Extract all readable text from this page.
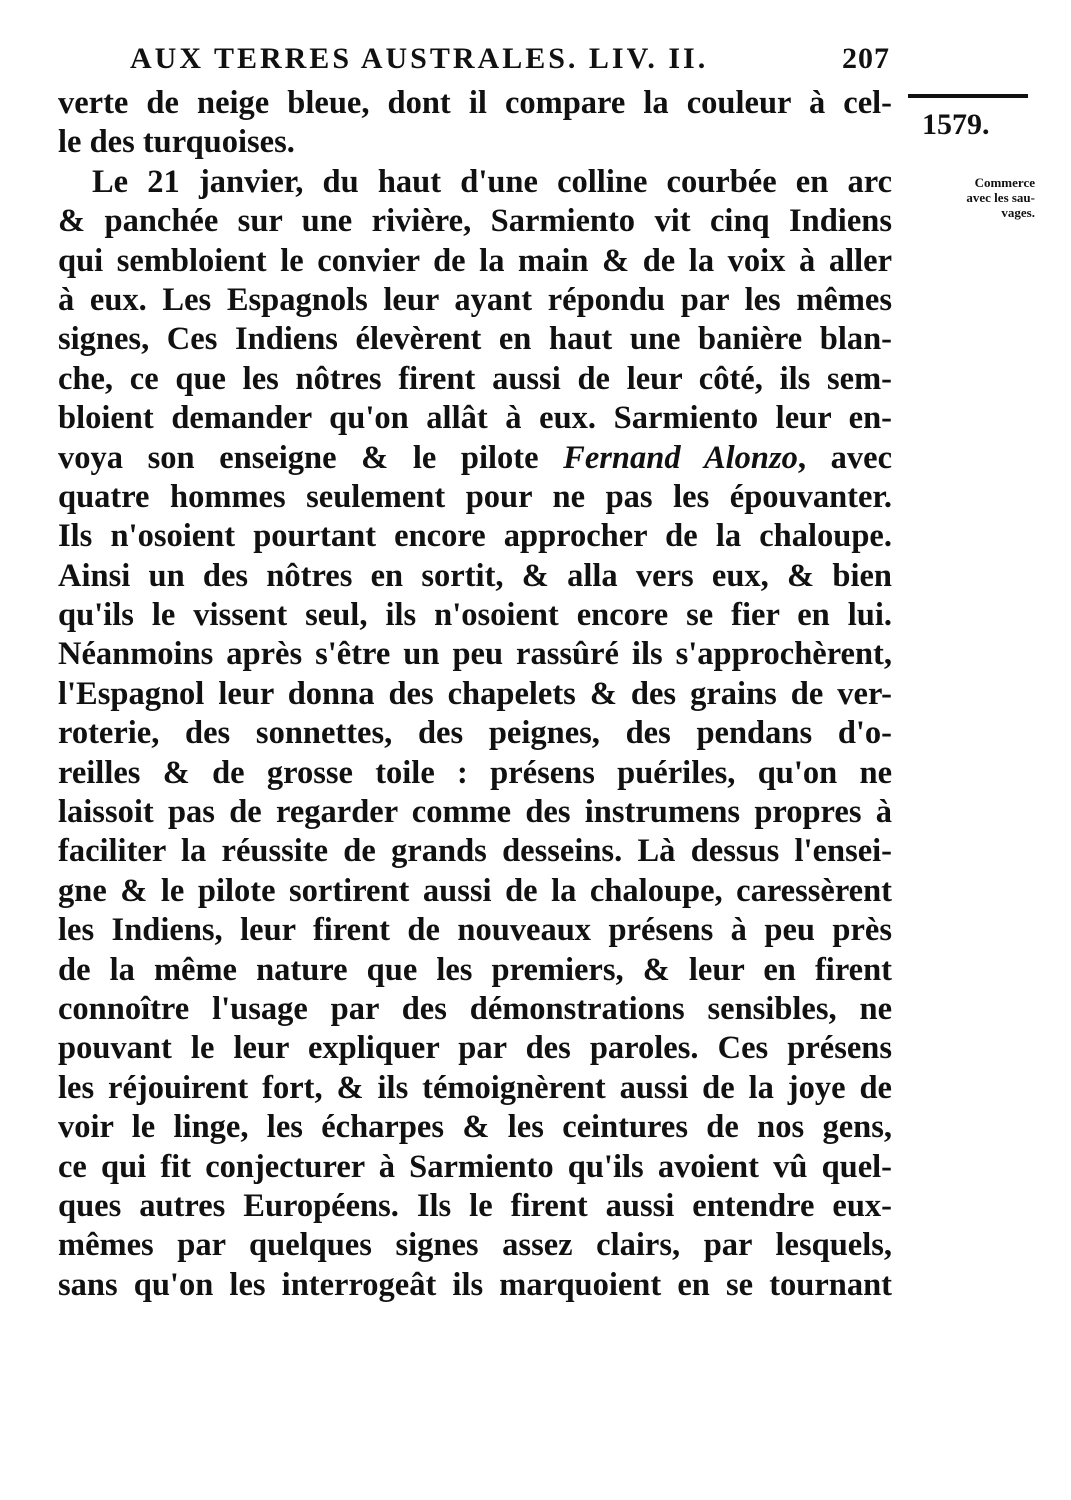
AUX TERRES AUSTRALES. LIV. II.	207
1579.
Commerce
avec les sau-
vages.
verte de neige bleue, dont il compare la couleur à cel-
le des turquoises.
Le 21 janvier, du haut d'une colline courbée en arc
& panchée sur une rivière, Sarmiento vit cinq Indiens
qui sembloient le convier de la main & de la voix à aller
à eux. Les Espagnols leur ayant répondu par les mêmes
signes, Ces Indiens élevèrent en haut une banière blan-
che, ce que les nôtres firent aussi de leur côté, ils sem-
bloient demander qu'on allât à eux. Sarmiento leur en-
voya son enseigne & le pilote Fernand Alonzo, avec
quatre hommes seulement pour ne pas les épouvanter.
Ils n'osoient pourtant encore approcher de la chaloupe.
Ainsi un des nôtres en sortit, & alla vers eux, & bien
qu'ils le vissent seul, ils n'osoient encore se fier en lui.
Néanmoins après s'être un peu rassûré ils s'approchèrent,
l'Espagnol leur donna des chapelets & des grains de ver-
roterie, des sonnettes, des peignes, des pendans d'o-
reilles & de grosse toile : présens puériles, qu'on ne
laissoit pas de regarder comme des instrumens propres à
faciliter la réussite de grands desseins. Là dessus l'ensei-
gne & le pilote sortirent aussi de la chaloupe, caressèrent
les Indiens, leur firent de nouveaux présens à peu près
de la même nature que les premiers, & leur en firent
connoître l'usage par des démonstrations sensibles, ne
pouvant le leur expliquer par des paroles. Ces présens
les réjouirent fort, & ils témoignèrent aussi de la joye de
voir le linge, les écharpes & les ceintures de nos gens,
ce qui fit conjecturer à Sarmiento qu'ils avoient vû quel-
ques autres Européens. Ils le firent aussi entendre eux-
mêmes par quelques signes assez clairs, par lesquels,
sans qu'on les interrogeât ils marquoient en se tournant
